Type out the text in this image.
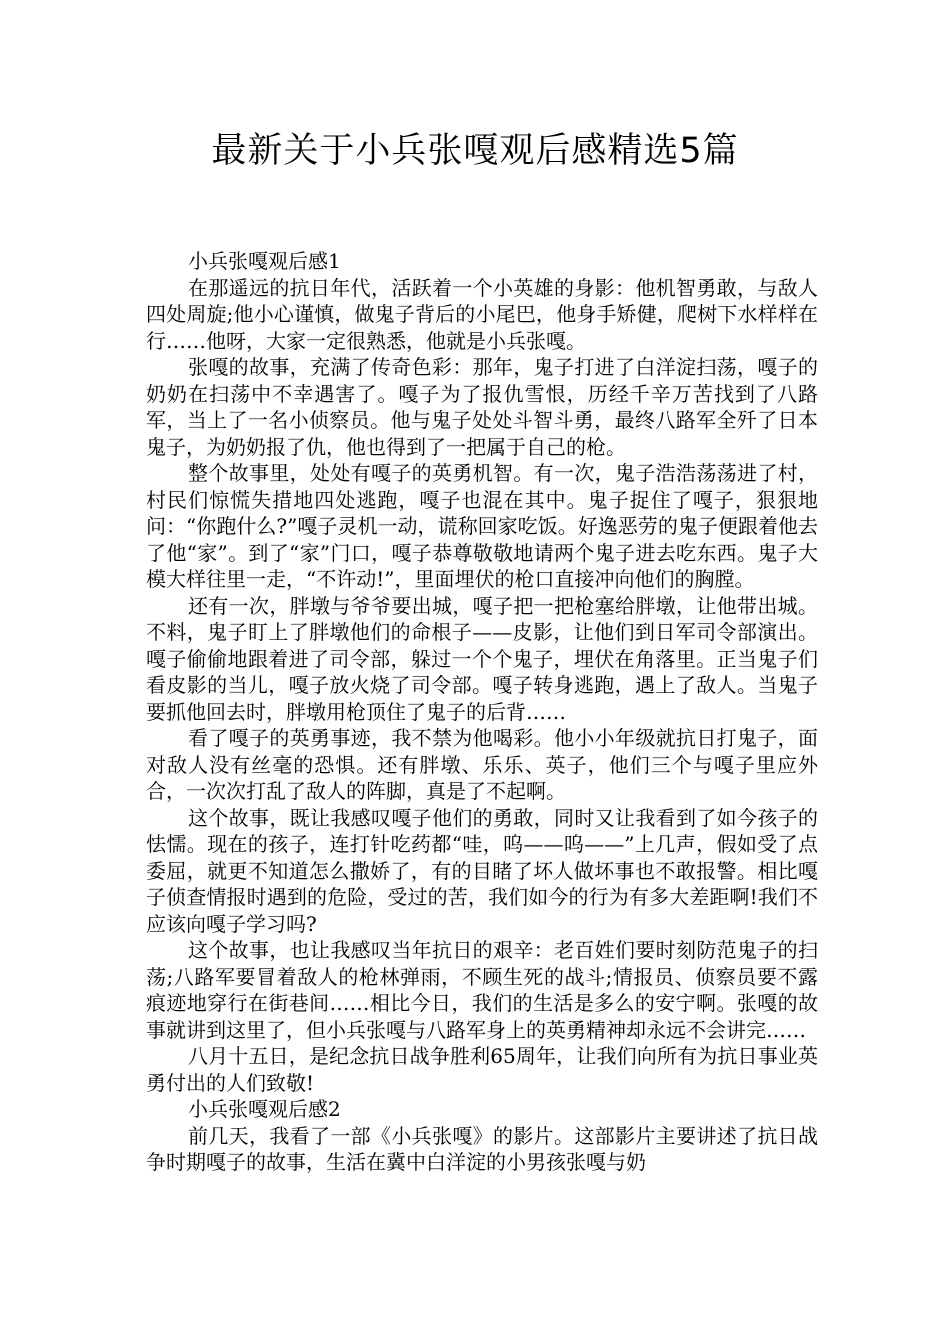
最新关于小兵张嘎观后感精选5篇

小兵张嘎观后感1

在那遥远的抗日年代，活跃着一个小英雄的身影：他机智勇敢，与敌人四处周旋;他小心谨慎，做鬼子背后的小尾巴，他身手矫健，爬树下水样样在行……他呀，大家一定很熟悉，他就是小兵张嘎。

张嘎的故事，充满了传奇色彩：那年，鬼子打进了白洋淀扫荡，嘎子的奶奶在扫荡中不幸遇害了。嘎子为了报仇雪恨，历经千辛万苦找到了八路军，当上了一名小侦察员。他与鬼子处处斗智斗勇，最终八路军全歼了日本鬼子，为奶奶报了仇，他也得到了一把属于自己的枪。

整个故事里，处处有嘎子的英勇机智。有一次，鬼子浩浩荡荡进了村，村民们惊慌失措地四处逃跑，嘎子也混在其中。鬼子捉住了嘎子，狠狠地问：“你跑什么?”嘎子灵机一动，谎称回家吃饭。好逸恶劳的鬼子便跟着他去了他“家”。到了“家”门口，嘎子恭尊敬敬地请两个鬼子进去吃东西。鬼子大模大样往里一走，“不许动!”，里面埋伏的枪口直接冲向他们的胸膛。

还有一次，胖墩与爷爷要出城，嘎子把一把枪塞给胖墩，让他带出城。不料，鬼子盯上了胖墩他们的命根子——皮影，让他们到日军司令部演出。嘎子偷偷地跟着进了司令部，躲过一个个鬼子，埋伏在角落里。正当鬼子们看皮影的当儿，嘎子放火烧了司令部。嘎子转身逃跑，遇上了敌人。当鬼子要抓他回去时，胖墩用枪顶住了鬼子的后背……

看了嘎子的英勇事迹，我不禁为他喝彩。他小小年级就抗日打鬼子，面对敌人没有丝毫的恐惧。还有胖墩、乐乐、英子，他们三个与嘎子里应外合，一次次打乱了敌人的阵脚，真是了不起啊。

这个故事，既让我感叹嘎子他们的勇敢，同时又让我看到了如今孩子的怯懦。现在的孩子，连打针吃药都“哇，呜——呜——”上几声，假如受了点委屈，就更不知道怎么撒娇了，有的目睹了坏人做坏事也不敢报警。相比嘎子侦查情报时遇到的危险，受过的苦，我们如今的行为有多大差距啊!我们不应该向嘎子学习吗?

这个故事，也让我感叹当年抗日的艰辛：老百姓们要时刻防范鬼子的扫荡;八路军要冒着敌人的枪林弹雨，不顾生死的战斗;情报员、侦察员要不露痕迹地穿行在街巷间……相比今日，我们的生活是多么的安宁啊。张嘎的故事就讲到这里了，但小兵张嘎与八路军身上的英勇精神却永远不会讲完……

八月十五日，是纪念抗日战争胜利65周年，让我们向所有为抗日事业英勇付出的人们致敬!

小兵张嘎观后感2

前几天，我看了一部《小兵张嘎》的影片。这部影片主要讲述了抗日战争时期嘎子的故事，生活在冀中白洋淀的小男孩张嘎与奶
